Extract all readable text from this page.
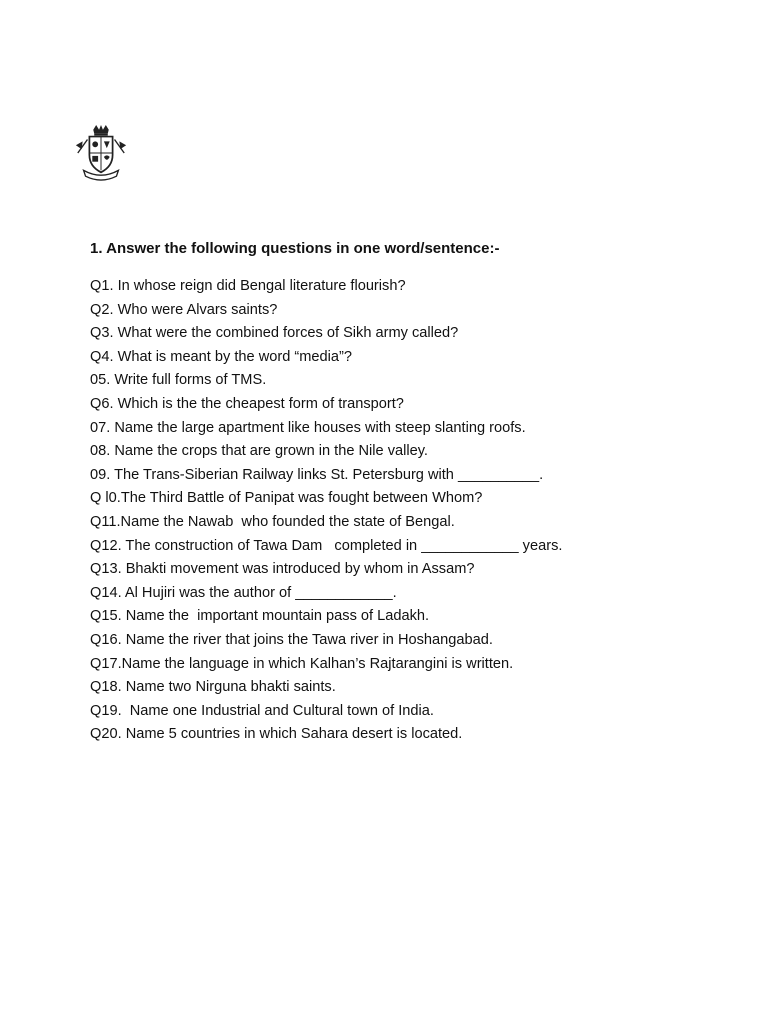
1. Answer the following questions in one word/sentence:-
Q1. In whose reign did Bengal literature flourish?
Q2. Who were Alvars saints?
Q3. What were the combined forces of Sikh army called?
Q4. What is meant by the word “media”?
05. Write full forms of TMS.
Q6. Which is the the cheapest form of transport?
07. Name the large apartment like houses with steep slanting roofs.
08. Name the crops that are grown in the Nile valley.
09. The Trans-Siberian Railway links St. Petersburg with __________.
Q l0.The Third Battle of Panipat was fought between Whom?
Q11.Name the Nawab  who founded the state of Bengal.
Q12. The construction of Tawa Dam   completed in ____________ years.
Q13. Bhakti movement was introduced by whom in Assam?
Q14. Al Hujiri was the author of ____________.
Q15. Name the  important mountain pass of Ladakh.
Q16. Name the river that joins the Tawa river in Hoshangabad.
Q17.Name the language in which Kalhan’s Rajtarangini is written.
Q18. Name two Nirguna bhakti saints.
Q19.  Name one Industrial and Cultural town of India.
Q20. Name 5 countries in which Sahara desert is located.
